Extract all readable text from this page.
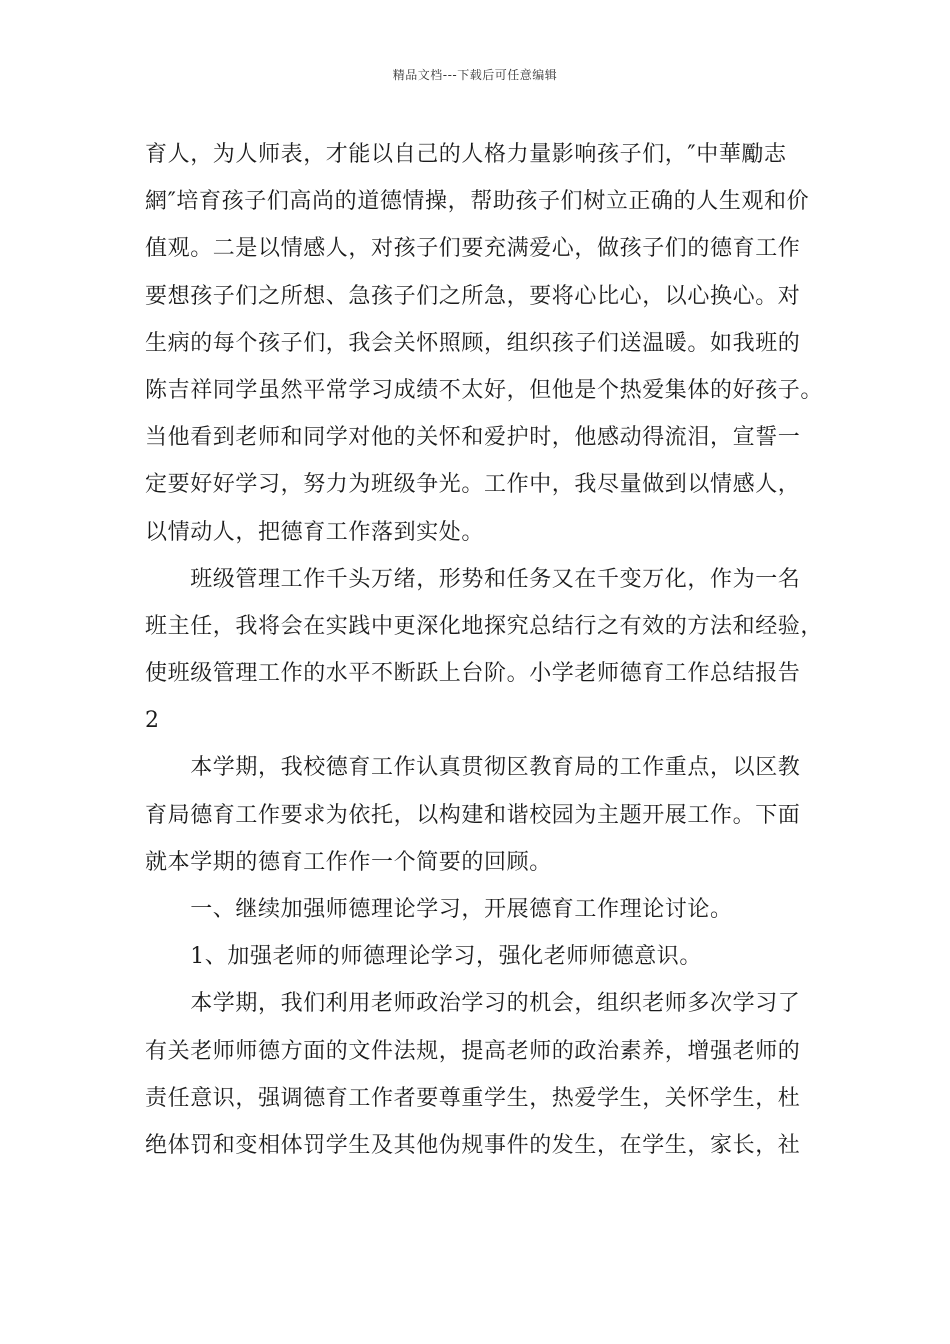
精品文档---下载后可任意编辑
育人，为人师表，才能以自己的人格力量影响孩子们，″中華勵志
網″培育孩子们高尚的道德情操，帮助孩子们树立正确的人生观和价
值观。二是以情感人，对孩子们要充满爱心，做孩子们的德育工作
要想孩子们之所想、急孩子们之所急，要将心比心，以心换心。对
生病的每个孩子们，我会关怀照顾，组织孩子们送温暖。如我班的
陈吉祥同学虽然平常学习成绩不太好，但他是个热爱集体的好孩子。
当他看到老师和同学对他的关怀和爱护时，他感动得流泪，宣誓一
定要好好学习，努力为班级争光。工作中，我尽量做到以情感人，
以情动人，把德育工作落到实处。
　　班级管理工作千头万绪，形势和任务又在千变万化，作为一名
班主任，我将会在实践中更深化地探究总结行之有效的方法和经验，
使班级管理工作的水平不断跃上台阶。小学老师德育工作总结报告
2
　　本学期，我校德育工作认真贯彻区教育局的工作重点，以区教
育局德育工作要求为依托，以构建和谐校园为主题开展工作。下面
就本学期的德育工作作一个简要的回顾。
　　一、继续加强师德理论学习，开展德育工作理论讨论。
　　1、加强老师的师德理论学习，强化老师师德意识。
　　本学期，我们利用老师政治学习的机会，组织老师多次学习了
有关老师师德方面的文件法规，提高老师的政治素养，增强老师的
责任意识，强调德育工作者要尊重学生，热爱学生，关怀学生，杜
绝体罚和变相体罚学生及其他伪规事件的发生，在学生，家长，社
